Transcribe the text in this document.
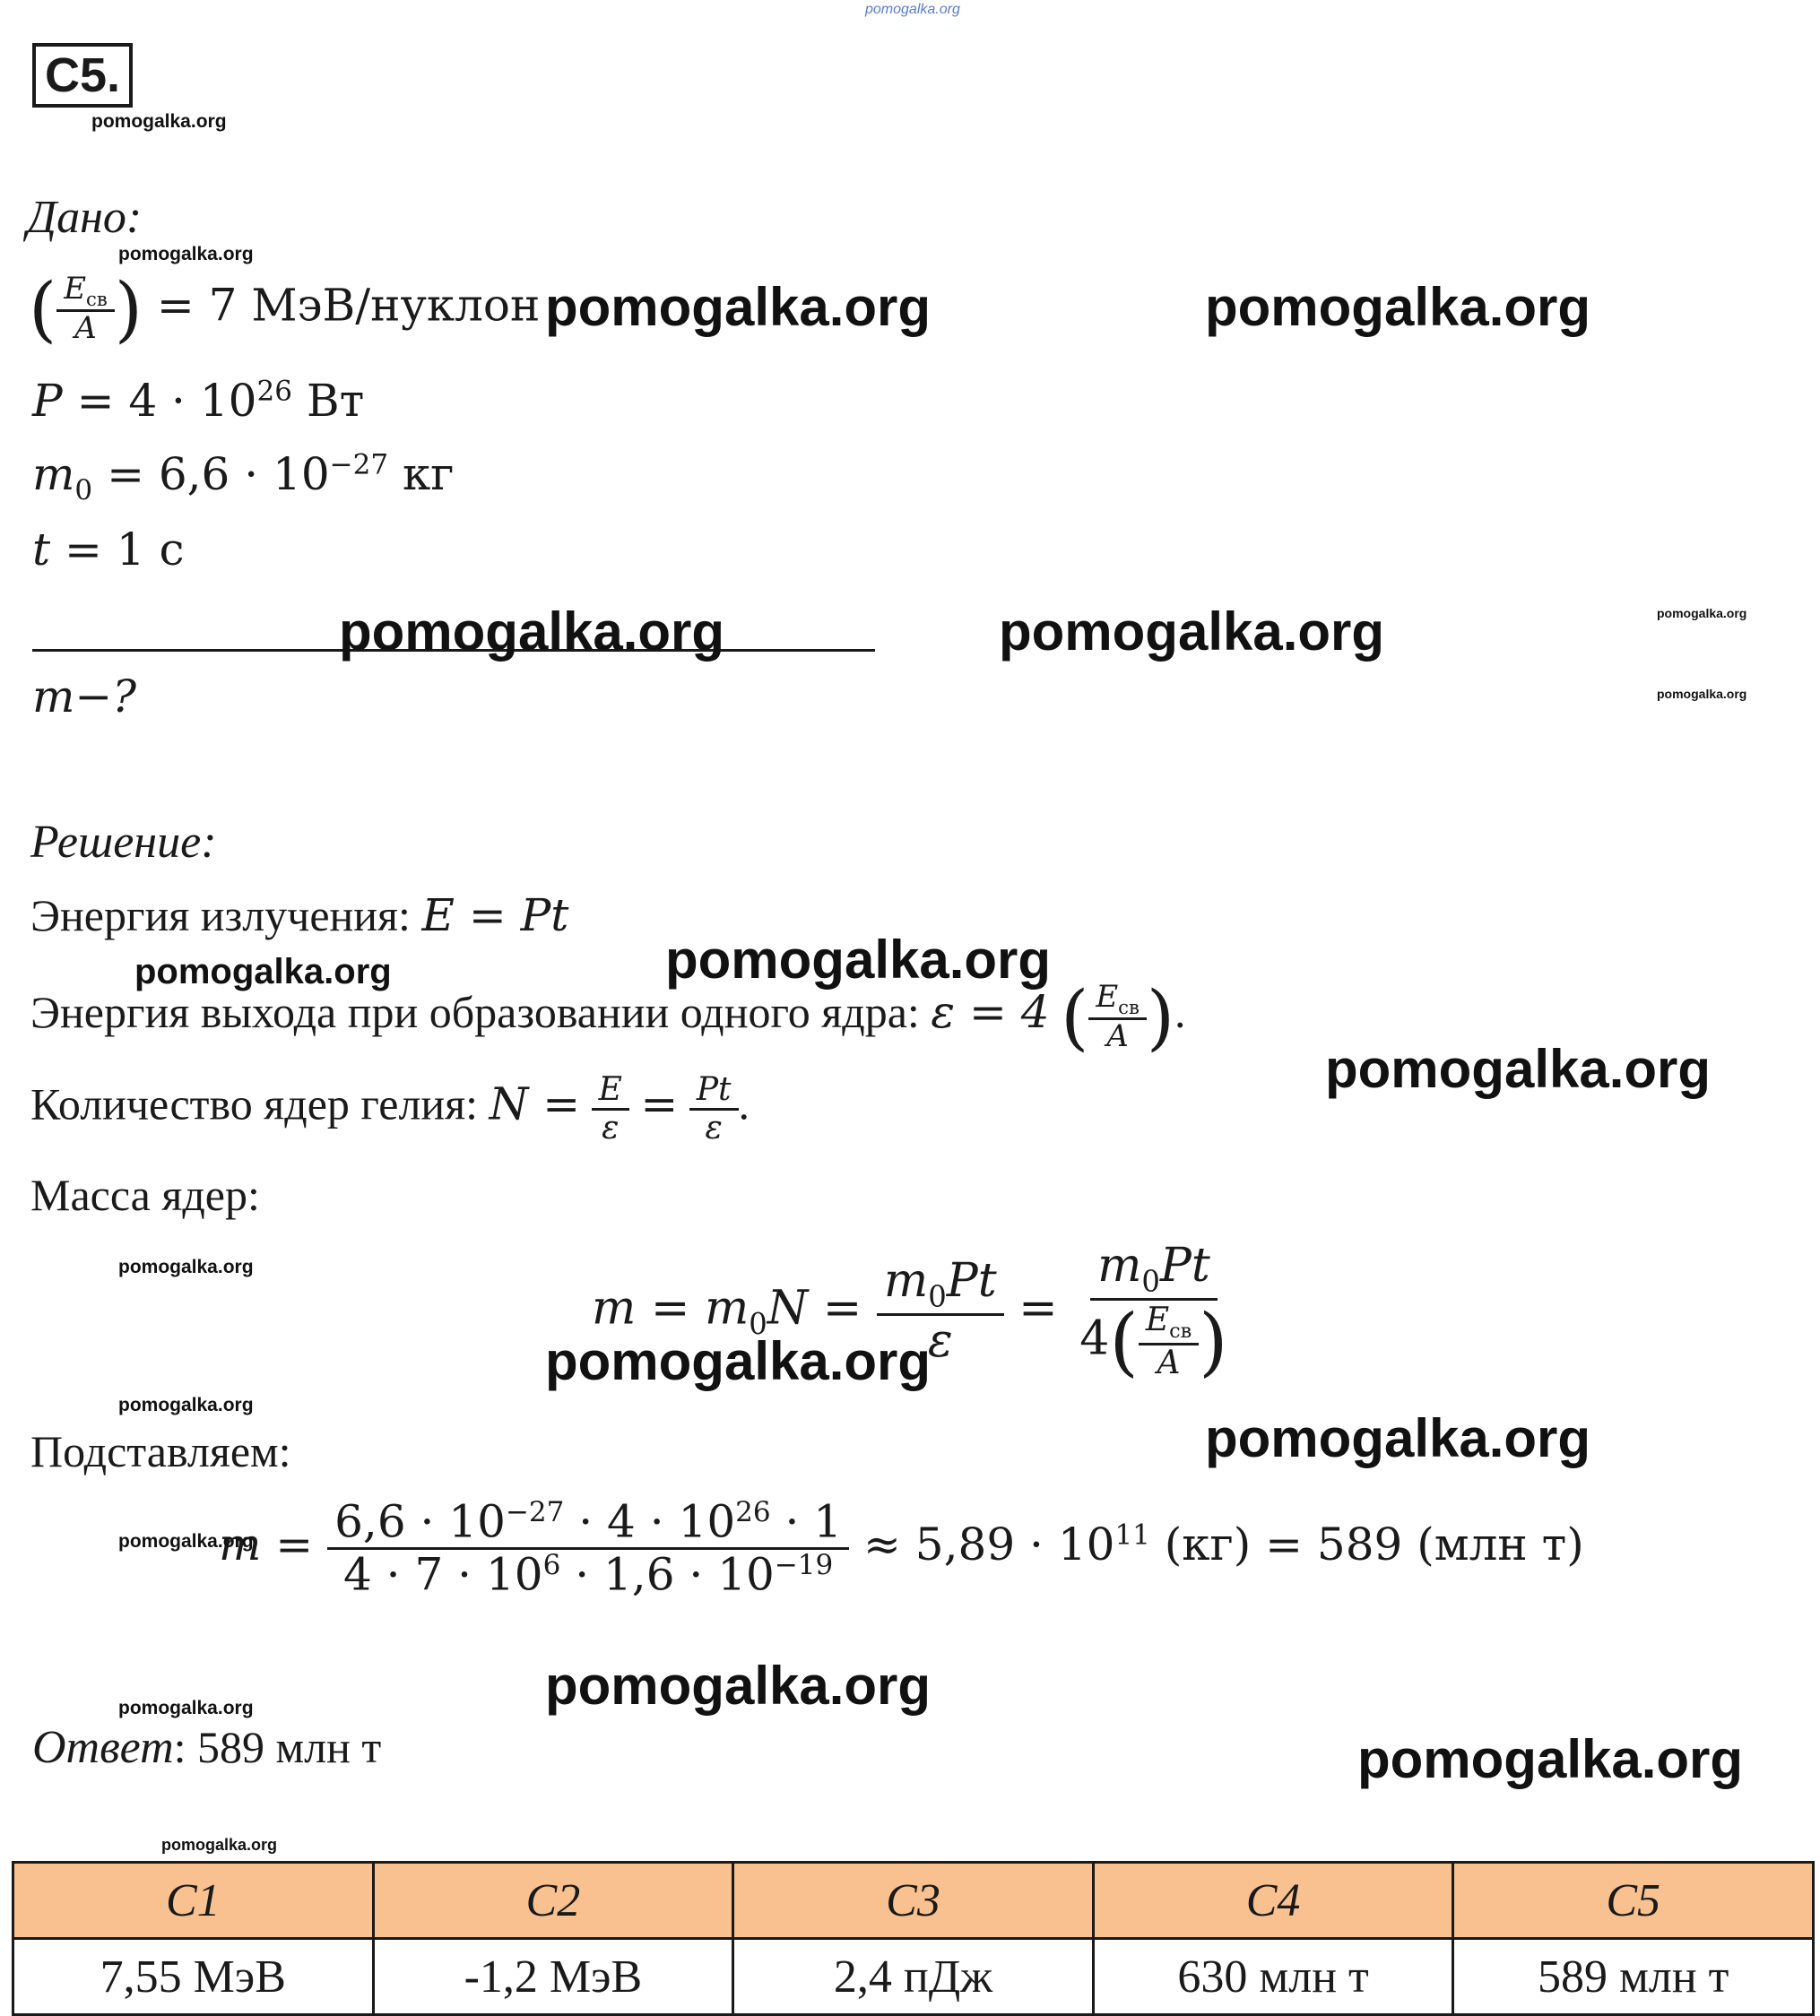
pomogalka.org
C5.
Дано:
( $\frac{E_{св}}{A}$ ) = 7 МэВ/нуклон
$P = 4 \cdot 10^{26}$ Вт
$m_0 = 6,6 \cdot 10^{-27}$ кг
t = 1 с
m−?
Решение:
Энергия излучения: E = Pt
Энергия выхода при образовании одного ядра: ε = 4 ( $\frac{E_{св}}{A}$ ).
Количество ядер гелия: $N = \frac{E}{\varepsilon} = \frac{Pt}{\varepsilon}$ .
Масса ядер:
$m = m_0N = \frac{m_0Pt}{\varepsilon} = \frac{m_0Pt}{4( \frac{E_{св}}{A} )}$
Подставляем:
$m = \frac{6,6 \cdot 10^{-27} \cdot 4 \cdot 10^{26} \cdot 1}{4 \cdot 7 \cdot 10^6 \cdot 1,6 \cdot 10^{-19}} \approx 5,89 \cdot 10^{11}$ (кг) = 589 (млн т)
Ответ: 589 млн т
C1	C2	C3	C4	C5
7,55 МэВ	-1,2 МэВ	2,4 пДж	630 млн т	589 млн т
pomogalka.org
pomogalka.org
pomogalka.org	pomogalka.org
pomogalka.org	pomogalka.org	pomogalka.org
pomogalka.org
pomogalka.org
pomogalka.org
pomogalka.org
pomogalka.org
pomogalka.org
pomogalka.org
pomogalka.org
pomogalka.org
pomogalka.org
pomogalka.org
pomogalka.org
pomogalka.org
